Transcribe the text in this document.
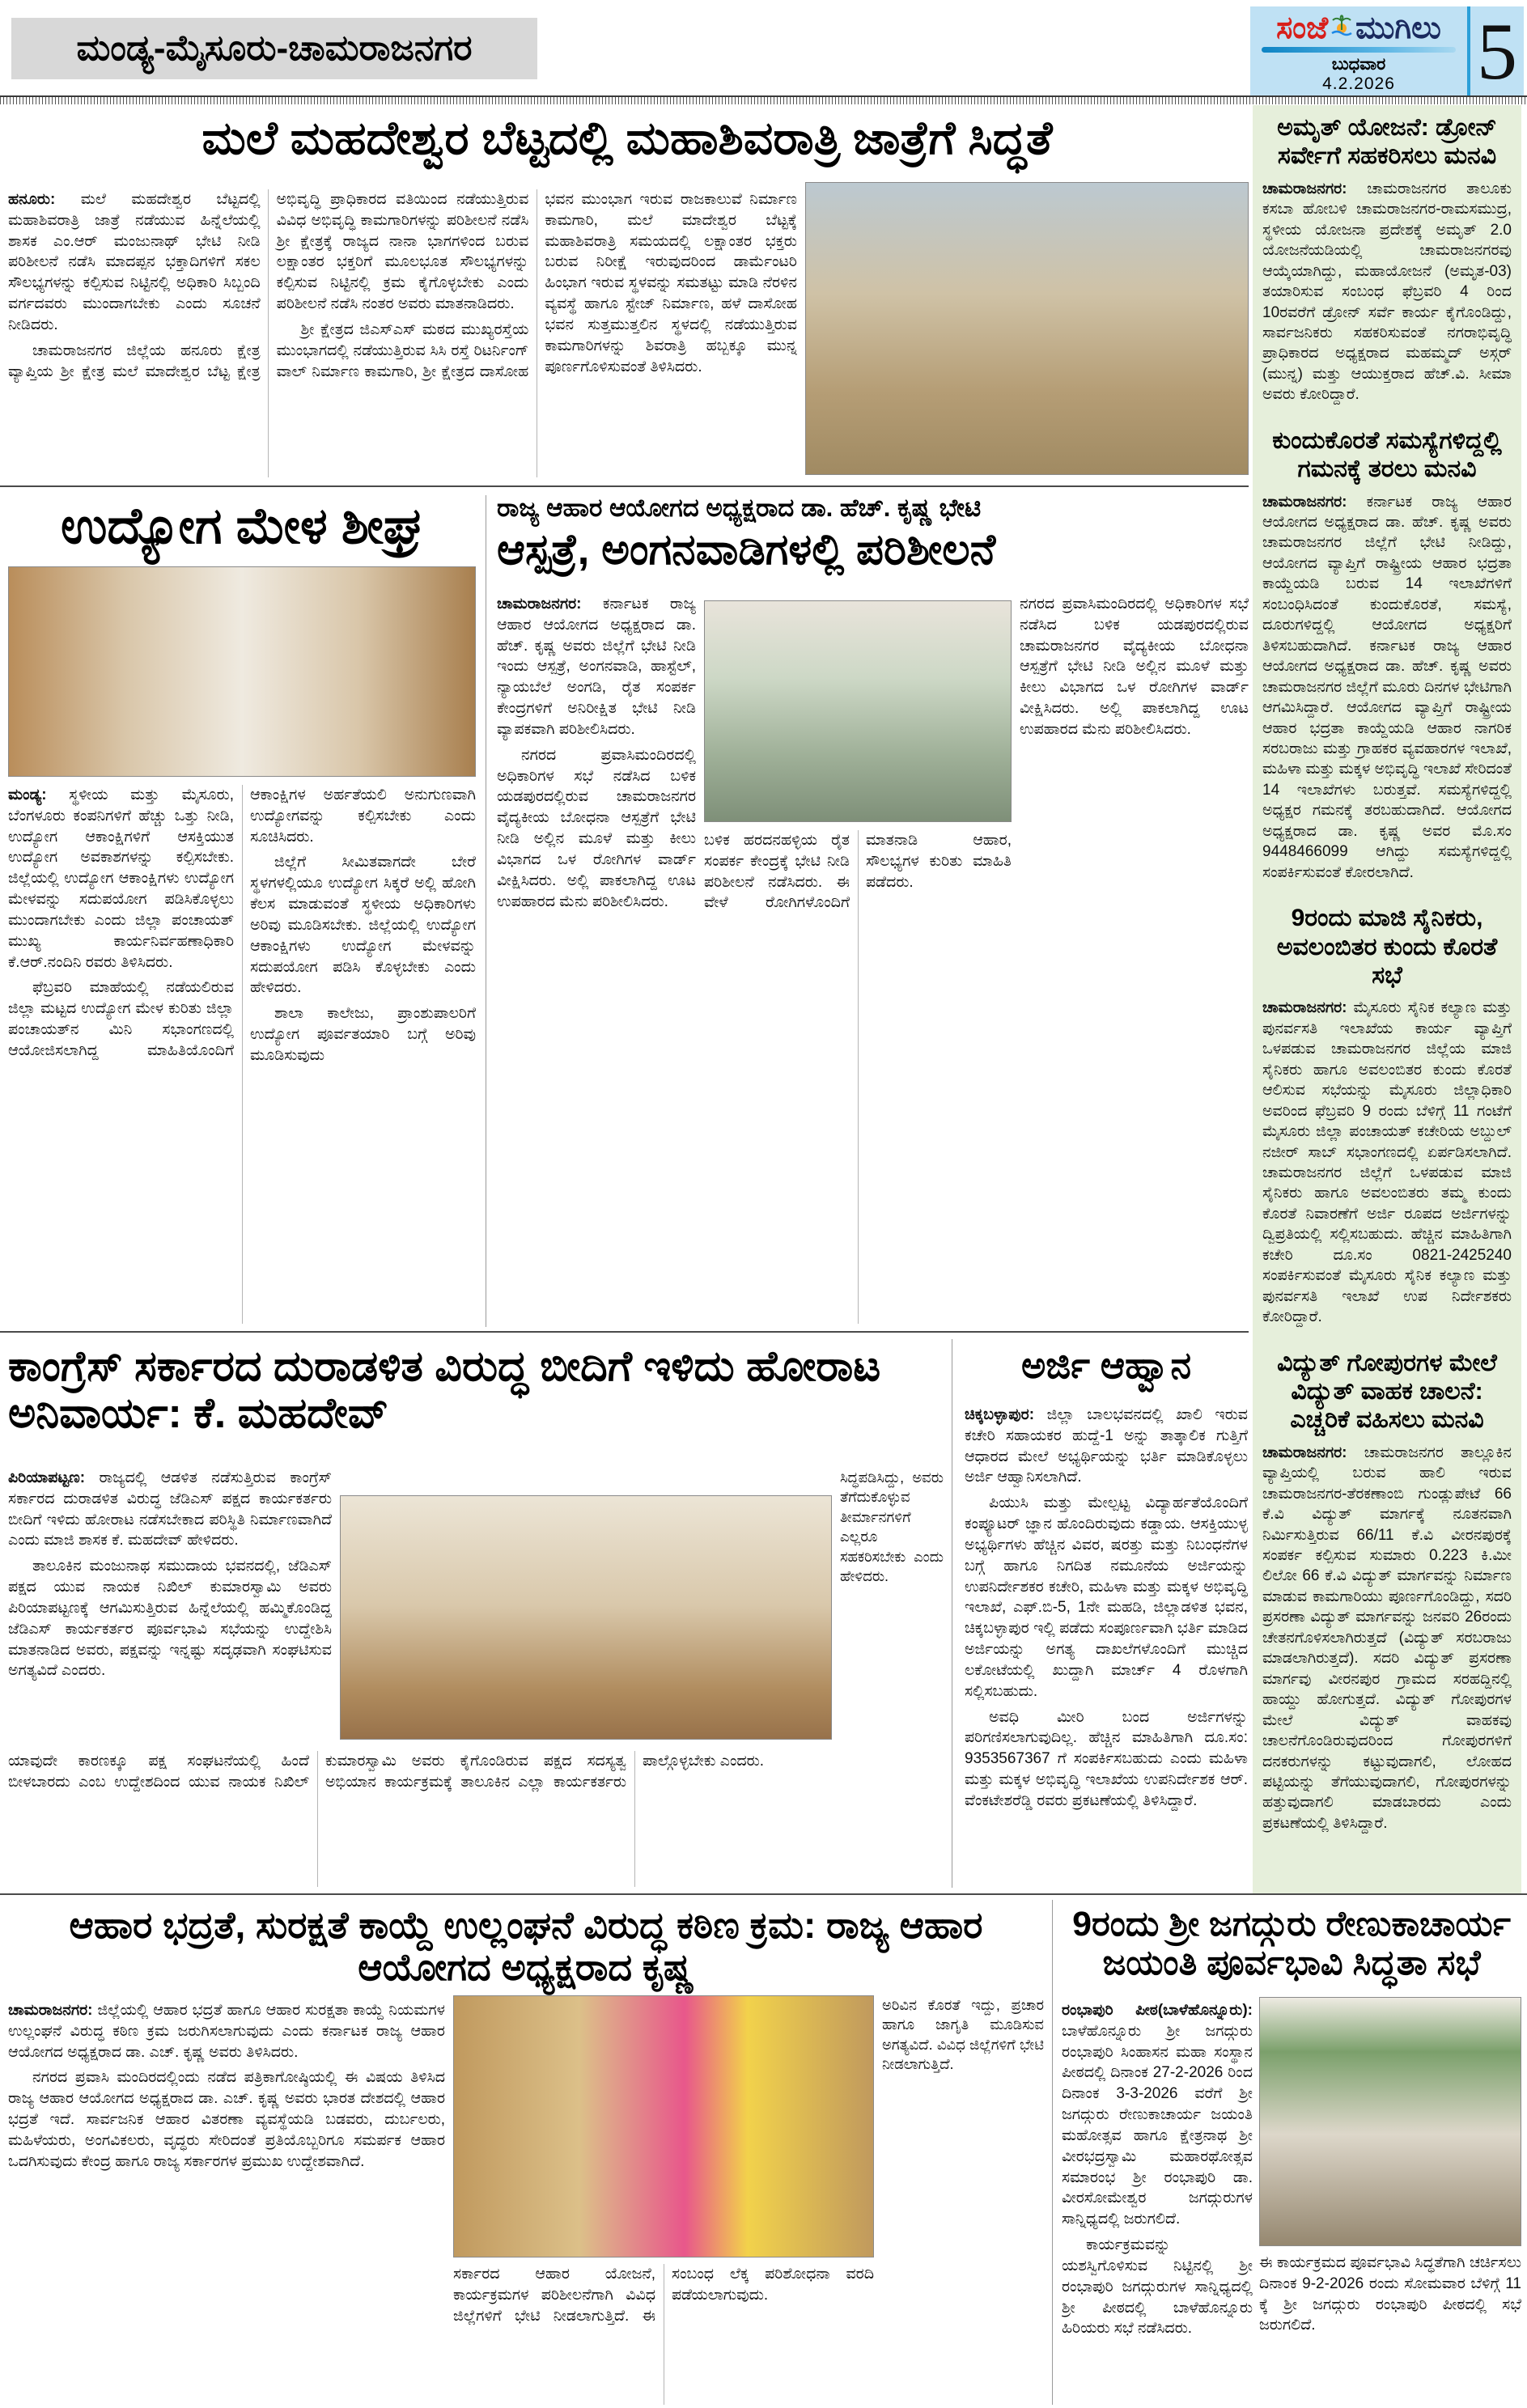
ಮಂಡ್ಯ-ಮೈಸೂರು-ಚಾಮರಾಜನಗರ	ಸಂಜೆ ಮುಗಿಲು
ಬುಧವಾರ
4.2.2026	5
ಮಲೆ ಮಹದೇಶ್ವರ ಬೆಟ್ಟದಲ್ಲಿ ಮಹಾಶಿವರಾತ್ರಿ ಜಾತ್ರೆಗೆ ಸಿದ್ಧತೆ

ಹನೂರು: ಮಲೆ ಮಹದೇಶ್ವರ ಬೆಟ್ಟದಲ್ಲಿ ಮಹಾಶಿವರಾತ್ರಿ ಜಾತ್ರೆ ನಡೆಯುವ ಹಿನ್ನೆಲೆಯಲ್ಲಿ ಶಾಸಕ ಎಂ.ಆರ್ ಮಂಜುನಾಥ್ ಭೇಟಿ ನೀಡಿ ಪರಿಶೀಲನೆ ನಡೆಸಿ ಮಾದಪ್ಪನ ಭಕ್ತಾದಿಗಳಿಗೆ ಸಕಲ ಸೌಲಭ್ಯಗಳನ್ನು ಕಲ್ಪಿಸುವ ನಿಟ್ಟಿನಲ್ಲಿ ಅಧಿಕಾರಿ ಸಿಬ್ಬಂದಿ ವರ್ಗದವರು ಮುಂದಾಗಬೇಕು ಎಂದು ಸೂಚನೆ ನೀಡಿದರು.

ಚಾಮರಾಜನಗರ ಜಿಲ್ಲೆಯ ಹನೂರು ಕ್ಷೇತ್ರ ವ್ಯಾಪ್ತಿಯ ಶ್ರೀ ಕ್ಷೇತ್ರ ಮಲೆ ಮಾದೇಶ್ವರ ಬೆಟ್ಟ ಕ್ಷೇತ್ರ ಅಭಿವೃದ್ಧಿ ಪ್ರಾಧಿಕಾರದ ವತಿಯಿಂದ ನಡೆಯುತ್ತಿರುವ ವಿವಿಧ ಅಭಿವೃದ್ಧಿ ಕಾಮಗಾರಿಗಳನ್ನು ಪರಿಶೀಲನೆ ನಡೆಸಿ ಶ್ರೀ ಕ್ಷೇತ್ರಕ್ಕೆ ರಾಜ್ಯದ ನಾನಾ ಭಾಗಗಳಿಂದ ಬರುವ ಲಕ್ಷಾಂತರ ಭಕ್ತರಿಗೆ ಮೂಲಭೂತ ಸೌಲಭ್ಯಗಳನ್ನು ಕಲ್ಪಿಸುವ ನಿಟ್ಟಿನಲ್ಲಿ ಕ್ರಮ ಕೈಗೊಳ್ಳಬೇಕು ಎಂದು ಪರಿಶೀಲನೆ ನಡೆಸಿ ನಂತರ ಅವರು ಮಾತನಾಡಿದರು.

ಶ್ರೀ ಕ್ಷೇತ್ರದ ಜಿಎಸ್‌ಎಸ್ ಮಠದ ಮುಖ್ಯರಸ್ತೆಯ ಮುಂಭಾಗದಲ್ಲಿ ನಡೆಯುತ್ತಿರುವ ಸಿಸಿ ರಸ್ತೆ ರಿಟರ್ನಿಂಗ್ ವಾಲ್ ನಿರ್ಮಾಣ ಕಾಮಗಾರಿ, ಶ್ರೀ ಕ್ಷೇತ್ರದ ದಾಸೋಹ ಭವನ ಮುಂಭಾಗ ಇರುವ ರಾಜಕಾಲುವೆ ನಿರ್ಮಾಣ ಕಾಮಗಾರಿ, ಮಲೆ ಮಾದೇಶ್ವರ ಬೆಟ್ಟಕ್ಕೆ ಮಹಾಶಿವರಾತ್ರಿ ಸಮಯದಲ್ಲಿ ಲಕ್ಷಾಂತರ ಭಕ್ತರು ಬರುವ ನಿರೀಕ್ಷೆ ಇರುವುದರಿಂದ ಡಾರ್ಮೆಂಟರಿ ಹಿಂಭಾಗ ಇರುವ ಸ್ಥಳವನ್ನು ಸಮತಟ್ಟು ಮಾಡಿ ನೆರಳಿನ ವ್ಯವಸ್ಥೆ ಹಾಗೂ ಸ್ಟೇಜ್ ನಿರ್ಮಾಣ, ಹಳೆ ದಾಸೋಹ ಭವನ ಸುತ್ತಮುತ್ತಲಿನ ಸ್ಥಳದಲ್ಲಿ ನಡೆಯುತ್ತಿರುವ ಕಾಮಗಾರಿಗಳನ್ನು ಶಿವರಾತ್ರಿ ಹಬ್ಬಕ್ಕೂ ಮುನ್ನ ಪೂರ್ಣಗೊಳಿಸುವಂತೆ ತಿಳಿಸಿದರು.

ಉದ್ಯೋಗ ಮೇಳ ಶೀಘ್ರ

ಮಂಡ್ಯ: ಸ್ಥಳೀಯ ಮತ್ತು ಮೈಸೂರು, ಬೆಂಗಳೂರು ಕಂಪನಿಗಳಿಗೆ ಹೆಚ್ಚು ಒತ್ತು ನೀಡಿ, ಉದ್ಯೋಗ ಆಕಾಂಕ್ಷಿಗಳಿಗೆ ಆಸಕ್ತಿಯುತ ಉದ್ಯೋಗ ಅವಕಾಶಗಳನ್ನು ಕಲ್ಪಿಸಬೇಕು. ಜಿಲ್ಲೆಯಲ್ಲಿ ಉದ್ಯೋಗ ಆಕಾಂಕ್ಷಿಗಳು ಉದ್ಯೋಗ ಮೇಳವನ್ನು ಸದುಪಯೋಗ ಪಡಿಸಿಕೊಳ್ಳಲು ಮುಂದಾಗಬೇಕು ಎಂದು ಜಿಲ್ಲಾ ಪಂಚಾಯತ್ ಮುಖ್ಯ ಕಾರ್ಯನಿರ್ವಹಣಾಧಿಕಾರಿ ಕೆ.ಆರ್.ನಂದಿನಿ ರವರು ತಿಳಿಸಿದರು.

ಫೆಬ್ರವರಿ ಮಾಹೆಯಲ್ಲಿ ನಡೆಯಲಿರುವ ಜಿಲ್ಲಾ ಮಟ್ಟದ ಉದ್ಯೋಗ ಮೇಳ ಕುರಿತು ಜಿಲ್ಲಾ ಪಂಚಾಯತ್‌ನ ಮಿನಿ ಸಭಾಂಗಣದಲ್ಲಿ ಆಯೋಜಿಸಲಾಗಿದ್ದ ಮಾಹಿತಿಯೊಂದಿಗೆ ಆಕಾಂಕ್ಷಿಗಳ ಅರ್ಹತೆಯಲಿ ಅನುಗುಣವಾಗಿ ಉದ್ಯೋಗವನ್ನು ಕಲ್ಪಿಸಬೇಕು ಎಂದು ಸೂಚಿಸಿದರು.

ಜಿಲ್ಲೆಗೆ ಸೀಮಿತವಾಗದೇ ಬೇರೆ ಸ್ಥಳಗಳಲ್ಲಿಯೂ ಉದ್ಯೋಗ ಸಿಕ್ಕರೆ ಅಲ್ಲಿ ಹೋಗಿ ಕೆಲಸ ಮಾಡುವಂತೆ ಸ್ಥಳೀಯ ಅಧಿಕಾರಿಗಳು ಅರಿವು ಮೂಡಿಸಬೇಕು. ಜಿಲ್ಲೆಯಲ್ಲಿ ಉದ್ಯೋಗ ಆಕಾಂಕ್ಷಿಗಳು ಉದ್ಯೋಗ ಮೇಳವನ್ನು ಸದುಪಯೋಗ ಪಡಿಸಿ ಕೊಳ್ಳಬೇಕು ಎಂದು ಹೇಳಿದರು.

ಶಾಲಾ ಕಾಲೇಜು, ಪ್ರಾಂಶುಪಾಲರಿಗೆ ಉದ್ಯೋಗ ಪೂರ್ವತಯಾರಿ ಬಗ್ಗೆ ಅರಿವು ಮೂಡಿಸುವುದು

ರಾಜ್ಯ ಆಹಾರ ಆಯೋಗದ ಅಧ್ಯಕ್ಷರಾದ ಡಾ. ಹೆಚ್. ಕೃಷ್ಣ ಭೇಟಿ
ಆಸ್ಪತ್ರೆ, ಅಂಗನವಾಡಿಗಳಲ್ಲಿ ಪರಿಶೀಲನೆ

ಚಾಮರಾಜನಗರ: ಕರ್ನಾಟಕ ರಾಜ್ಯ ಆಹಾರ ಆಯೋಗದ ಅಧ್ಯಕ್ಷರಾದ ಡಾ. ಹೆಚ್. ಕೃಷ್ಣ ಅವರು ಜಿಲ್ಲೆಗೆ ಭೇಟಿ ನೀಡಿ ಇಂದು ಆಸ್ಪತ್ರೆ, ಅಂಗನವಾಡಿ, ಹಾಸ್ಟೆಲ್, ನ್ಯಾಯಬೆಲೆ ಅಂಗಡಿ, ರೈತ ಸಂಪರ್ಕ ಕೇಂದ್ರಗಳಿಗೆ ಅನಿರೀಕ್ಷಿತ ಭೇಟಿ ನೀಡಿ ವ್ಯಾಪಕವಾಗಿ ಪರಿಶೀಲಿಸಿದರು.

ನಗರದ ಪ್ರವಾಸಿಮಂದಿರದಲ್ಲಿ ಅಧಿಕಾರಿಗಳ ಸಭೆ ನಡೆಸಿದ ಬಳಿಕ ಯಡಪುರದಲ್ಲಿರುವ ಚಾಮರಾಜನಗರ ವೈದ್ಯಕೀಯ ಬೋಧನಾ ಆಸ್ಪತ್ರೆಗೆ ಭೇಟಿ ನೀಡಿ ಅಲ್ಲಿನ ಮೂಳೆ ಮತ್ತು ಕೀಲು ವಿಭಾಗದ ಒಳ ರೋಗಿಗಳ ವಾರ್ಡ್ ವೀಕ್ಷಿಸಿದರು. ಅಲ್ಲಿ ಪಾಕಲಾಗಿದ್ದ ಊಟ ಉಪಹಾರದ ಮೆನು ಪರಿಶೀಲಿಸಿದರು.

ಬಳಿಕ ಹರದನಹಳ್ಳಿಯ ರೈತ ಸಂಪರ್ಕ ಕೇಂದ್ರಕ್ಕೆ ಭೇಟಿ ನೀಡಿ ಪರಿಶೀಲನೆ ನಡೆಸಿದರು. ಈ ವೇಳೆ ರೋಗಿಗಳೊಂದಿಗೆ ಮಾತನಾಡಿ ಆಹಾರ, ಸೌಲಭ್ಯಗಳ ಕುರಿತು ಮಾಹಿತಿ ಪಡೆದರು.

ನಗರದ ಪ್ರವಾಸಿಮಂದಿರದಲ್ಲಿ ಅಧಿಕಾರಿಗಳ ಸಭೆ ನಡೆಸಿದ ಬಳಿಕ ಯಡಪುರದಲ್ಲಿರುವ ಚಾಮರಾಜನಗರ ವೈದ್ಯಕೀಯ ಬೋಧನಾ ಆಸ್ಪತ್ರೆಗೆ ಭೇಟಿ ನೀಡಿ ಅಲ್ಲಿನ ಮೂಳೆ ಮತ್ತು ಕೀಲು ವಿಭಾಗದ ಒಳ ರೋಗಿಗಳ ವಾರ್ಡ್ ವೀಕ್ಷಿಸಿದರು. ಅಲ್ಲಿ ಪಾಕಲಾಗಿದ್ದ ಊಟ ಉಪಹಾರದ ಮೆನು ಪರಿಶೀಲಿಸಿದರು.

ಕಾಂಗ್ರೆಸ್ ಸರ್ಕಾರದ ದುರಾಡಳಿತ ವಿರುದ್ಧ ಬೀದಿಗೆ ಇಳಿದು ಹೋರಾಟ ಅನಿವಾರ್ಯ: ಕೆ. ಮಹದೇವ್

ಪಿರಿಯಾಪಟ್ಟಣ: ರಾಜ್ಯದಲ್ಲಿ ಆಡಳಿತ ನಡೆಸುತ್ತಿರುವ ಕಾಂಗ್ರೆಸ್ ಸರ್ಕಾರದ ದುರಾಡಳಿತ ವಿರುದ್ಧ ಜೆಡಿಎಸ್ ಪಕ್ಷದ ಕಾರ್ಯಕರ್ತರು ಬೀದಿಗೆ ಇಳಿದು ಹೋರಾಟ ನಡೆಸಬೇಕಾದ ಪರಿಸ್ಥಿತಿ ನಿರ್ಮಾಣವಾಗಿದೆ ಎಂದು ಮಾಜಿ ಶಾಸಕ ಕೆ. ಮಹದೇವ್ ಹೇಳಿದರು.

ತಾಲೂಕಿನ ಮಂಜುನಾಥ ಸಮುದಾಯ ಭವನದಲ್ಲಿ, ಜೆಡಿಎಸ್ ಪಕ್ಷದ ಯುವ ನಾಯಕ ನಿಖಿಲ್ ಕುಮಾರಸ್ವಾಮಿ ಅವರು ಪಿರಿಯಾಪಟ್ಟಣಕ್ಕೆ ಆಗಮಿಸುತ್ತಿರುವ ಹಿನ್ನೆಲೆಯಲ್ಲಿ ಹಮ್ಮಿಕೊಂಡಿದ್ದ ಜೆಡಿಎಸ್ ಕಾರ್ಯಕರ್ತರ ಪೂರ್ವಭಾವಿ ಸಭೆಯನ್ನು ಉದ್ದೇಶಿಸಿ ಮಾತನಾಡಿದ ಅವರು, ಪಕ್ಷವನ್ನು ಇನ್ನಷ್ಟು ಸದೃಢವಾಗಿ ಸಂಘಟಿಸುವ ಅಗತ್ಯವಿದೆ ಎಂದರು.

ಸಿದ್ಧಪಡಿಸಿದ್ದು, ಅವರು ತೆಗೆದುಕೊಳ್ಳುವ ತೀರ್ಮಾನಗಳಿಗೆ ಎಲ್ಲರೂ ಸಹಕರಿಸಬೇಕು ಎಂದು ಹೇಳಿದರು.

ಯಾವುದೇ ಕಾರಣಕ್ಕೂ ಪಕ್ಷ ಸಂಘಟನೆಯಲ್ಲಿ ಹಿಂದೆ ಬೀಳಬಾರದು ಎಂಬ ಉದ್ದೇಶದಿಂದ ಯುವ ನಾಯಕ ನಿಖಿಲ್ ಕುಮಾರಸ್ವಾಮಿ ಅವರು ಕೈಗೊಂಡಿರುವ ಪಕ್ಷದ ಸದಸ್ಯತ್ವ ಅಭಿಯಾನ ಕಾರ್ಯಕ್ರಮಕ್ಕೆ ತಾಲೂಕಿನ ಎಲ್ಲಾ ಕಾರ್ಯಕರ್ತರು ಪಾಲ್ಗೊಳ್ಳಬೇಕು ಎಂದರು.

ಅರ್ಜಿ ಆಹ್ವಾನ

ಚಿಕ್ಕಬಳ್ಳಾಪುರ: ಜಿಲ್ಲಾ ಬಾಲಭವನದಲ್ಲಿ ಖಾಲಿ ಇರುವ ಕಚೇರಿ ಸಹಾಯಕರ ಹುದ್ದೆ-1 ಅನ್ನು ತಾತ್ಕಾಲಿಕ ಗುತ್ತಿಗೆ ಆಧಾರದ ಮೇಲೆ ಅಭ್ಯರ್ಥಿಯನ್ನು ಭರ್ತಿ ಮಾಡಿಕೊಳ್ಳಲು ಅರ್ಜಿ ಆಹ್ವಾನಿಸಲಾಗಿದೆ.

ಪಿಯುಸಿ ಮತ್ತು ಮೇಲ್ಪಟ್ಟ ವಿದ್ಯಾರ್ಹತೆಯೊಂದಿಗೆ ಕಂಪ್ಯೂಟರ್ ಜ್ಞಾನ ಹೊಂದಿರುವುದು ಕಡ್ಡಾಯ. ಆಸಕ್ತಿಯುಳ್ಳ ಅಭ್ಯರ್ಥಿಗಳು ಹೆಚ್ಚಿನ ವಿವರ, ಷರತ್ತು ಮತ್ತು ನಿಬಂಧನೆಗಳ ಬಗ್ಗೆ ಹಾಗೂ ನಿಗದಿತ ನಮೂನೆಯ ಅರ್ಜಿಯನ್ನು ಉಪನಿರ್ದೇಶಕರ ಕಚೇರಿ, ಮಹಿಳಾ ಮತ್ತು ಮಕ್ಕಳ ಅಭಿವೃದ್ಧಿ ಇಲಾಖೆ, ಎಫ್.ಬಿ-5, 1ನೇ ಮಹಡಿ, ಜಿಲ್ಲಾಡಳಿತ ಭವನ, ಚಿಕ್ಕಬಳ್ಳಾಪುರ ಇಲ್ಲಿ ಪಡೆದು ಸಂಪೂರ್ಣವಾಗಿ ಭರ್ತಿ ಮಾಡಿದ ಅರ್ಜಿಯನ್ನು ಅಗತ್ಯ ದಾಖಲೆಗಳೊಂದಿಗೆ ಮುಚ್ಚಿದ ಲಕೋಟೆಯಲ್ಲಿ ಖುದ್ದಾಗಿ ಮಾರ್ಚ್ 4 ರೊಳಗಾಗಿ ಸಲ್ಲಿಸಬಹುದು.

ಅವಧಿ ಮೀರಿ ಬಂದ ಅರ್ಜಿಗಳನ್ನು ಪರಿಗಣಿಸಲಾಗುವುದಿಲ್ಲ. ಹೆಚ್ಚಿನ ಮಾಹಿತಿಗಾಗಿ ದೂ.ಸಂ: 9353567367 ಗೆ ಸಂಪರ್ಕಿಸಬಹುದು ಎಂದು ಮಹಿಳಾ ಮತ್ತು ಮಕ್ಕಳ ಅಭಿವೃದ್ಧಿ ಇಲಾಖೆಯ ಉಪನಿರ್ದೇಶಕ ಆರ್. ವೆಂಕಟೇಶರೆಡ್ಡಿ ರವರು ಪ್ರಕಟಣೆಯಲ್ಲಿ ತಿಳಿಸಿದ್ದಾರೆ.

ಆಹಾರ ಭದ್ರತೆ, ಸುರಕ್ಷತೆ ಕಾಯ್ದೆ ಉಲ್ಲಂಘನೆ ವಿರುದ್ಧ ಕಠಿಣ ಕ್ರಮ: ರಾಜ್ಯ ಆಹಾರ ಆಯೋಗದ ಅಧ್ಯಕ್ಷರಾದ ಕೃಷ್ಣ

ಚಾಮರಾಜನಗರ: ಜಿಲ್ಲೆಯಲ್ಲಿ ಆಹಾರ ಭದ್ರತೆ ಹಾಗೂ ಆಹಾರ ಸುರಕ್ಷತಾ ಕಾಯ್ದೆ ನಿಯಮಗಳ ಉಲ್ಲಂಘನೆ ವಿರುದ್ಧ ಕಠಿಣ ಕ್ರಮ ಜರುಗಿಸಲಾಗುವುದು ಎಂದು ಕರ್ನಾಟಕ ರಾಜ್ಯ ಆಹಾರ ಆಯೋಗದ ಅಧ್ಯಕ್ಷರಾದ ಡಾ. ಎಚ್. ಕೃಷ್ಣ ಅವರು ತಿಳಿಸಿದರು.

ನಗರದ ಪ್ರವಾಸಿ ಮಂದಿರದಲ್ಲಿಂದು ನಡೆದ ಪತ್ರಿಕಾಗೋಷ್ಠಿಯಲ್ಲಿ ಈ ವಿಷಯ ತಿಳಿಸಿದ ರಾಜ್ಯ ಆಹಾರ ಆಯೋಗದ ಅಧ್ಯಕ್ಷರಾದ ಡಾ. ಎಚ್. ಕೃಷ್ಣ ಅವರು ಭಾರತ ದೇಶದಲ್ಲಿ ಆಹಾರ ಭದ್ರತೆ ಇದೆ. ಸಾರ್ವಜನಿಕ ಆಹಾರ ವಿತರಣಾ ವ್ಯವಸ್ಥೆಯಡಿ ಬಡವರು, ದುರ್ಬಲರು, ಮಹಿಳೆಯರು, ಅಂಗವಿಕಲರು, ವೃದ್ಧರು ಸೇರಿದಂತೆ ಪ್ರತಿಯೊಬ್ಬರಿಗೂ ಸಮರ್ಪಕ ಆಹಾರ ಒದಗಿಸುವುದು ಕೇಂದ್ರ ಹಾಗೂ ರಾಜ್ಯ ಸರ್ಕಾರಗಳ ಪ್ರಮುಖ ಉದ್ದೇಶವಾಗಿದೆ.

ಅರಿವಿನ ಕೊರತೆ ಇದ್ದು, ಪ್ರಚಾರ ಹಾಗೂ ಜಾಗೃತಿ ಮೂಡಿಸುವ ಅಗತ್ಯವಿದೆ. ವಿವಿಧ ಜಿಲ್ಲೆಗಳಿಗೆ ಭೇಟಿ ನೀಡಲಾಗುತ್ತಿದೆ.

ಸರ್ಕಾರದ ಆಹಾರ ಯೋಜನೆ, ಕಾರ್ಯಕ್ರಮಗಳ ಪರಿಶೀಲನೆಗಾಗಿ ವಿವಿಧ ಜಿಲ್ಲೆಗಳಿಗೆ ಭೇಟಿ ನೀಡಲಾಗುತ್ತಿದೆ. ಈ ಸಂಬಂಧ ಲೆಕ್ಕ ಪರಿಶೋಧನಾ ವರದಿ ಪಡೆಯಲಾಗುವುದು.

9ರಂದು ಶ್ರೀ ಜಗದ್ಗುರು ರೇಣುಕಾಚಾರ್ಯ ಜಯಂತಿ ಪೂರ್ವಭಾವಿ ಸಿದ್ಧತಾ ಸಭೆ

ರಂಭಾಪುರಿ ಪೀಠ(ಬಾಳೆಹೊನ್ನೂರು): ಬಾಳೆಹೊನ್ನೂರು ಶ್ರೀ ಜಗದ್ಗುರು ರಂಭಾಪುರಿ ಸಿಂಹಾಸನ ಮಹಾ ಸಂಸ್ಥಾನ ಪೀಠದಲ್ಲಿ ದಿನಾಂಕ 27-2-2026 ರಿಂದ ದಿನಾಂಕ 3-3-2026 ವರೆಗೆ ಶ್ರೀ ಜಗದ್ಗುರು ರೇಣುಕಾಚಾರ್ಯ ಜಯಂತಿ ಮಹೋತ್ಸವ ಹಾಗೂ ಕ್ಷೇತ್ರನಾಥ ಶ್ರೀ ವೀರಭದ್ರಸ್ವಾಮಿ ಮಹಾರಥೋತ್ಸವ ಸಮಾರಂಭ ಶ್ರೀ ರಂಭಾಪುರಿ ಡಾ. ವೀರಸೋಮೇಶ್ವರ ಜಗದ್ಗುರುಗಳ ಸಾನ್ನಿಧ್ಯದಲ್ಲಿ ಜರುಗಲಿದೆ.

ಕಾರ್ಯಕ್ರಮವನ್ನು ಯಶಸ್ವಿಗೊಳಿಸುವ ನಿಟ್ಟಿನಲ್ಲಿ ಶ್ರೀ ರಂಭಾಪುರಿ ಜಗದ್ಗುರುಗಳ ಸಾನ್ನಿಧ್ಯದಲ್ಲಿ ಶ್ರೀ ಪೀಠದಲ್ಲಿ ಬಾಳೆಹೊನ್ನೂರು ಹಿರಿಯರು ಸಭೆ ನಡೆಸಿದರು.

ಈ ಕಾರ್ಯಕ್ರಮದ ಪೂರ್ವಭಾವಿ ಸಿದ್ಧತೆಗಾಗಿ ಚರ್ಚಿಸಲು ದಿನಾಂಕ 9-2-2026 ರಂದು ಸೋಮವಾರ ಬೆಳಿಗ್ಗೆ 11 ಕ್ಕೆ ಶ್ರೀ ಜಗದ್ಗುರು ರಂಭಾಪುರಿ ಪೀಠದಲ್ಲಿ ಸಭೆ ಜರುಗಲಿದೆ.

ಅಮೃತ್ ಯೋಜನೆ: ಡ್ರೋನ್ ಸರ್ವೇಗೆ ಸಹಕರಿಸಲು ಮನವಿ
ಚಾಮರಾಜನಗರ: ಚಾಮರಾಜನಗರ ತಾಲೂಕು ಕಸಬಾ ಹೋಬಳಿ ಚಾಮರಾಜನಗರ-ರಾಮಸಮುದ್ರ, ಸ್ಥಳೀಯ ಯೋಜನಾ ಪ್ರದೇಶಕ್ಕೆ ಅಮೃತ್ 2.0 ಯೋಜನೆಯಡಿಯಲ್ಲಿ ಚಾಮರಾಜನಗರವು ಆಯ್ಕೆಯಾಗಿದ್ದು, ಮಹಾಯೋಜನೆ (ಅಮೃತ-03) ತಯಾರಿಸುವ ಸಂಬಂಧ ಫೆಬ್ರವರಿ 4 ರಿಂದ 10ರವರೆಗೆ ಡ್ರೋನ್ ಸರ್ವೆ ಕಾರ್ಯ ಕೈಗೊಂಡಿದ್ದು, ಸಾರ್ವಜನಿಕರು ಸಹಕರಿಸುವಂತೆ ನಗರಾಭಿವೃದ್ಧಿ ಪ್ರಾಧಿಕಾರದ ಅಧ್ಯಕ್ಷರಾದ ಮಹಮ್ಮದ್ ಅಸ್ಗರ್ (ಮುನ್ನ) ಮತ್ತು ಆಯುಕ್ತರಾದ ಹೆಚ್.ವಿ. ಸೀಮಾ ಅವರು ಕೋರಿದ್ದಾರೆ.
ಕುಂದುಕೊರತೆ ಸಮಸ್ಯೆಗಳಿದ್ದಲ್ಲಿ ಗಮನಕ್ಕೆ ತರಲು ಮನವಿ
ಚಾಮರಾಜನಗರ: ಕರ್ನಾಟಕ ರಾಜ್ಯ ಆಹಾರ ಆಯೋಗದ ಅಧ್ಯಕ್ಷರಾದ ಡಾ. ಹೆಚ್. ಕೃಷ್ಣ ಅವರು ಚಾಮರಾಜನಗರ ಜಿಲ್ಲೆಗೆ ಭೇಟಿ ನೀಡಿದ್ದು, ಆಯೋಗದ ವ್ಯಾಪ್ತಿಗೆ ರಾಷ್ಟ್ರೀಯ ಆಹಾರ ಭದ್ರತಾ ಕಾಯ್ದೆಯಡಿ ಬರುವ 14 ಇಲಾಖೆಗಳಿಗೆ ಸಂಬಂಧಿಸಿದಂತೆ ಕುಂದುಕೊರತೆ, ಸಮಸ್ಯೆ, ದೂರುಗಳಿದ್ದಲ್ಲಿ ಆಯೋಗದ ಅಧ್ಯಕ್ಷರಿಗೆ ತಿಳಿಸಬಹುದಾಗಿದೆ. ಕರ್ನಾಟಕ ರಾಜ್ಯ ಆಹಾರ ಆಯೋಗದ ಅಧ್ಯಕ್ಷರಾದ ಡಾ. ಹೆಚ್. ಕೃಷ್ಣ ಅವರು ಚಾಮರಾಜನಗರ ಜಿಲ್ಲೆಗೆ ಮೂರು ದಿನಗಳ ಭೇಟಿಗಾಗಿ ಆಗಮಿಸಿದ್ದಾರೆ. ಆಯೋಗದ ವ್ಯಾಪ್ತಿಗೆ ರಾಷ್ಟ್ರೀಯ ಆಹಾರ ಭದ್ರತಾ ಕಾಯ್ದೆಯಡಿ ಆಹಾರ ನಾಗರಿಕ ಸರಬರಾಜು ಮತ್ತು ಗ್ರಾಹಕರ ವ್ಯವಹಾರಗಳ ಇಲಾಖೆ, ಮಹಿಳಾ ಮತ್ತು ಮಕ್ಕಳ ಅಭಿವೃದ್ಧಿ ಇಲಾಖೆ ಸೇರಿದಂತೆ 14 ಇಲಾಖೆಗಳು ಬರುತ್ತವೆ. ಸಮಸ್ಯೆಗಳಿದ್ದಲ್ಲಿ ಅಧ್ಯಕ್ಷರ ಗಮನಕ್ಕೆ ತರಬಹುದಾಗಿದೆ. ಆಯೋಗದ ಅಧ್ಯಕ್ಷರಾದ ಡಾ. ಕೃಷ್ಣ ಅವರ ಮೊ.ಸಂ 9448466099 ಆಗಿದ್ದು ಸಮಸ್ಯೆಗಳಿದ್ದಲ್ಲಿ ಸಂಪರ್ಕಿಸುವಂತೆ ಕೋರಲಾಗಿದೆ.
9ರಂದು ಮಾಜಿ ಸೈನಿಕರು, ಅವಲಂಬಿತರ ಕುಂದು ಕೊರತೆ ಸಭೆ
ಚಾಮರಾಜನಗರ: ಮೈಸೂರು ಸೈನಿಕ ಕಲ್ಯಾಣ ಮತ್ತು ಪುನರ್ವಸತಿ ಇಲಾಖೆಯ ಕಾರ್ಯ ವ್ಯಾಪ್ತಿಗೆ ಒಳಪಡುವ ಚಾಮರಾಜನಗರ ಜಿಲ್ಲೆಯ ಮಾಜಿ ಸೈನಿಕರು ಹಾಗೂ ಅವಲಂಬಿತರ ಕುಂದು ಕೊರತೆ ಆಲಿಸುವ ಸಭೆಯನ್ನು ಮೈಸೂರು ಜಿಲ್ಲಾಧಿಕಾರಿ ಅವರಿಂದ ಫೆಬ್ರವರಿ 9 ರಂದು ಬೆಳಿಗ್ಗೆ 11 ಗಂಟೆಗೆ ಮೈಸೂರು ಜಿಲ್ಲಾ ಪಂಚಾಯತ್ ಕಚೇರಿಯ ಅಬ್ದುಲ್ ನಜೀರ್ ಸಾಬ್ ಸಭಾಂಗಣದಲ್ಲಿ ಏರ್ಪಡಿಸಲಾಗಿದೆ. ಚಾಮರಾಜನಗರ ಜಿಲ್ಲೆಗೆ ಒಳಪಡುವ ಮಾಜಿ ಸೈನಿಕರು ಹಾಗೂ ಅವಲಂಬಿತರು ತಮ್ಮ ಕುಂದು ಕೊರತೆ ನಿವಾರಣೆಗೆ ಅರ್ಜಿ ರೂಪದ ಅರ್ಜಿಗಳನ್ನು ದ್ವಿಪ್ರತಿಯಲ್ಲಿ ಸಲ್ಲಿಸಬಹುದು. ಹೆಚ್ಚಿನ ಮಾಹಿತಿಗಾಗಿ ಕಚೇರಿ ದೂ.ಸಂ 0821-2425240 ಸಂಪರ್ಕಿಸುವಂತೆ ಮೈಸೂರು ಸೈನಿಕ ಕಲ್ಯಾಣ ಮತ್ತು ಪುನರ್ವಸತಿ ಇಲಾಖೆ ಉಪ ನಿರ್ದೇಶಕರು ಕೋರಿದ್ದಾರೆ.
ವಿದ್ಯುತ್ ಗೋಪುರಗಳ ಮೇಲೆ ವಿದ್ಯುತ್ ವಾಹಕ ಚಾಲನೆ: ಎಚ್ಚರಿಕೆ ವಹಿಸಲು ಮನವಿ
ಚಾಮರಾಜನಗರ: ಚಾಮರಾಜನಗರ ತಾಲ್ಲೂಕಿನ ವ್ಯಾಪ್ತಿಯಲ್ಲಿ ಬರುವ ಹಾಲಿ ಇರುವ ಚಾಮರಾಜನಗರ-ತೆರಕಣಾಂಬಿ ಗುಂಡ್ಲುಪೇಟೆ 66 ಕೆ.ವಿ ವಿದ್ಯುತ್ ಮಾರ್ಗಕ್ಕೆ ನೂತನವಾಗಿ ನಿರ್ಮಿಸುತ್ತಿರುವ 66/11 ಕೆ.ವಿ ವೀರನಪುರಕ್ಕೆ ಸಂಪರ್ಕ ಕಲ್ಪಿಸುವ ಸುಮಾರು 0.223 ಕಿ.ಮೀ ಲಿಲೋ 66 ಕೆ.ವಿ ವಿದ್ಯುತ್ ಮಾರ್ಗವನ್ನು ನಿರ್ಮಾಣ ಮಾಡುವ ಕಾಮಗಾರಿಯು ಪೂರ್ಣಗೊಂಡಿದ್ದು, ಸದರಿ ಪ್ರಸರಣಾ ವಿದ್ಯುತ್ ಮಾರ್ಗವನ್ನು ಜನವರಿ 26ರಂದು ಚೇತನಗೊಳಿಸಲಾಗಿರುತ್ತದೆ (ವಿದ್ಯುತ್ ಸರಬರಾಜು ಮಾಡಲಾಗಿರುತ್ತದೆ). ಸದರಿ ವಿದ್ಯುತ್ ಪ್ರಸರಣಾ ಮಾರ್ಗವು ವೀರನಪುರ ಗ್ರಾಮದ ಸರಹದ್ದಿನಲ್ಲಿ ಹಾಯ್ದು ಹೋಗುತ್ತದೆ. ವಿದ್ಯುತ್ ಗೋಪುರಗಳ ಮೇಲೆ ವಿದ್ಯುತ್ ವಾಹಕವು ಚಾಲನೆಗೊಂಡಿರುವುದರಿಂದ ಗೋಪುರಗಳಿಗೆ ದನಕರುಗಳನ್ನು ಕಟ್ಟುವುದಾಗಲಿ, ಲೋಹದ ಪಟ್ಟಿಯನ್ನು ತೆಗೆಯುವುದಾಗಲಿ, ಗೋಪುರಗಳನ್ನು ಹತ್ತುವುದಾಗಲಿ ಮಾಡಬಾರದು ಎಂದು ಪ್ರಕಟಣೆಯಲ್ಲಿ ತಿಳಿಸಿದ್ದಾರೆ.
